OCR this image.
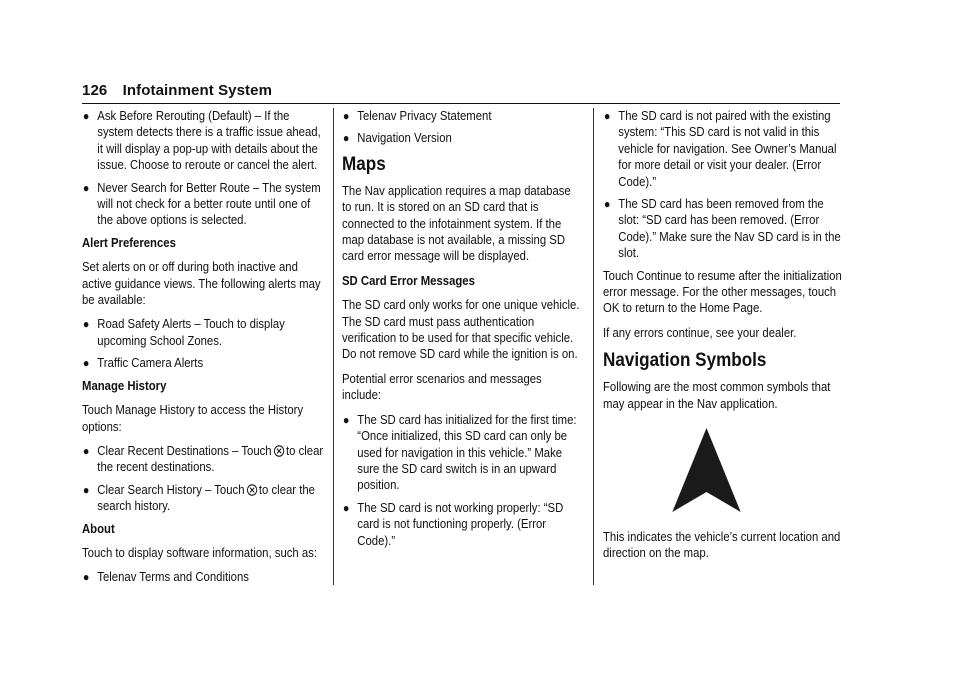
126 Infotainment System
● Ask Before Rerouting (Default) – If the system detects there is a traffic issue ahead, it will display a pop-up with details about the issue. Choose to reroute or cancel the alert.
● Never Search for Better Route – The system will not check for a better route until one of the above options is selected.
Alert Preferences

Set alerts on or off during both inactive and active guidance views. The following alerts may be available:

● Road Safety Alerts – Touch to display upcoming School Zones.
● Traffic Camera Alerts
Manage History

Touch Manage History to access the History options:

● Clear Recent Destinations – Touch to clear the recent destinations.
● Clear Search History – Touch to clear the search history.
About

Touch to display software information, such as:

● Telenav Terms and Conditions
● Telenav Privacy Statement
● Navigation Version
Maps

The Nav application requires a map database to run. It is stored on an SD card that is connected to the infotainment system. If the map database is not available, a missing SD card error message will be displayed.

SD Card Error Messages

The SD card only works for one unique vehicle. The SD card must pass authentication verification to be used for that specific vehicle. Do not remove SD card while the ignition is on.

Potential error scenarios and messages include:

● The SD card has initialized for the first time: “Once initialized, this SD card can only be used for navigation in this vehicle.” Make sure the SD card switch is in an upward position.
● The SD card is not working properly: “SD card is not functioning properly. (Error Code).”
● The SD card is not paired with the existing system: “This SD card is not valid in this vehicle for navigation. See Owner’s Manual for more detail or visit your dealer. (Error Code).”
● The SD card has been removed from the slot: “SD card has been removed. (Error Code).” Make sure the Nav SD card is in the slot.

Touch Continue to resume after the initialization error message. For the other messages, touch OK to return to the Home Page.

If any errors continue, see your dealer.

Navigation Symbols

Following are the most common symbols that may appear in the Nav application.

This indicates the vehicle’s current location and direction on the map.
